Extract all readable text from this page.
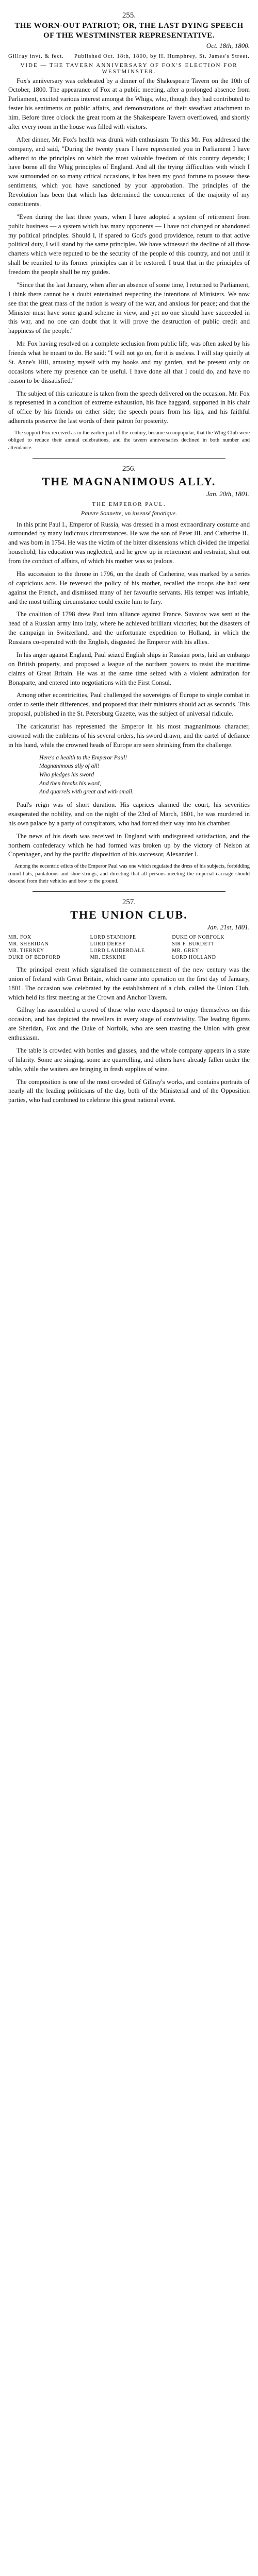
255.
THE WORN-OUT PATRIOT; OR, THE LAST DYING SPEECH OF THE WESTMINSTER REPRESENTATIVE.
Oct. 18th, 1800.
Gillray invt. & fect. Published Oct. 18th, 1800, by H. Humphrey, St. James's Street.
VIDE — THE TAVERN ANNIVERSARY OF FOX'S ELECTION FOR WESTMINSTER.

Fox's anniversary was celebrated by a dinner of the Shakespeare Tavern on the 10th of October, 1800. The appearance of Fox at a public meeting, after a prolonged absence from Parliament, excited various interest amongst the Whigs, who, though they had contributed to fester his sentiments on public affairs, and demonstrations of their steadfast attachment to him. Before three o'clock the great room at the Shakespeare Tavern overflowed, and shortly after every room in the house was filled with visitors.

After dinner, Mr. Fox's health was drunk with enthusiasm. To this Mr. Fox addressed the company, and said, "During the twenty years I have represented you in Parliament I have adhered to the principles on which the most valuable freedom of this country depends; I have borne all the Whig principles of England. And all the trying difficulties with which I was surrounded on so many critical occasions, it has been my good fortune to possess these sentiments, which you have sanctioned by your approbation. The principles of the Revolution has been that which has determined the concurrence of the majority of my constituents.

"Even during the last three years, when I have adopted a system of retirement from public business — a system which has many opponents — I have not changed or abandoned my political principles. Should I, if spared to God's good providence, return to that active political duty, I will stand by the same principles. We have witnessed the decline of all those charters which were reputed to be the security of the people of this country, and not until it shall be reunited to its former principles can it be restored. I trust that in the principles of freedom the people shall be my guides.

"Since that the last January, when after an absence of some time, I returned to Parliament, I think there cannot be a doubt entertained respecting the intentions of Ministers. We now see that the great mass of the nation is weary of the war, and anxious for peace; and that the Minister must have some grand scheme in view, and yet no one should have succeeded in this war, and no one can doubt that it will prove the destruction of public credit and happiness of the people."

Mr. Fox having resolved on a complete seclusion from public life, was often asked by his friends what he meant to do. He said: "I will not go on, for it is useless. I will stay quietly at St. Anne's Hill, amusing myself with my books and my garden, and be present only on occasions where my presence can be useful. I have done all that I could do, and have no reason to be dissatisfied."

The subject of this caricature is taken from the speech delivered on the occasion. Mr. Fox is represented in a condition of extreme exhaustion, his face haggard, supported in his chair of office by his friends on either side; the speech pours from his lips, and his faithful adherents preserve the last words of their patron for posterity.

The support Fox received as in the earlier part of the century, became so unpopular, that the Whig Club were obliged to reduce their annual celebrations, and the tavern anniversaries declined in both number and attendance.
256.
THE MAGNANIMOUS ALLY.
Jan. 20th, 1801.
THE EMPEROR PAUL.
Pauvre Sonnette, un insensé fanatique.

In this print Paul I., Emperor of Russia, was dressed in a most extraordinary costume and surrounded by many ludicrous circumstances. He was the son of Peter III. and Catherine II., and was born in 1754. He was the victim of the bitter dissensions which divided the imperial household; his education was neglected, and he grew up in retirement and restraint, shut out from the conduct of affairs, of which his mother was so jealous.

His succession to the throne in 1796, on the death of Catherine, was marked by a series of capricious acts. He reversed the policy of his mother, recalled the troops she had sent against the French, and dismissed many of her favourite servants. His temper was irritable, and the most trifling circumstance could excite him to fury.

The coalition of 1798 drew Paul into alliance against France. Suvorov was sent at the head of a Russian army into Italy, where he achieved brilliant victories; but the disasters of the campaign in Switzerland, and the unfortunate expedition to Holland, in which the Russians co-operated with the English, disgusted the Emperor with his allies.

In his anger against England, Paul seized English ships in Russian ports, laid an embargo on British property, and proposed a league of the northern powers to resist the maritime claims of Great Britain. He was at the same time seized with a violent admiration for Bonaparte, and entered into negotiations with the First Consul.

Among other eccentricities, Paul challenged the sovereigns of Europe to single combat in order to settle their differences, and proposed that their ministers should act as seconds. This proposal, published in the St. Petersburg Gazette, was the subject of universal ridicule.

The caricaturist has represented the Emperor in his most magnanimous character, crowned with the emblems of his several orders, his sword drawn, and the cartel of defiance in his hand, while the crowned heads of Europe are seen shrinking from the challenge.

Here's a health to the Emperor Paul!
Magnanimous ally of all!
Who pledges his sword
And then breaks his word,
And quarrels with great and with small.

Paul's reign was of short duration. His caprices alarmed the court, his severities exasperated the nobility, and on the night of the 23rd of March, 1801, he was murdered in his own palace by a party of conspirators, who had forced their way into his chamber.

The news of his death was received in England with undisguised satisfaction, and the northern confederacy which he had formed was broken up by the victory of Nelson at Copenhagen, and by the pacific disposition of his successor, Alexander I.

Among the eccentric edicts of the Emperor Paul was one which regulated the dress of his subjects, forbidding round hats, pantaloons and shoe-strings, and directing that all persons meeting the imperial carriage should descend from their vehicles and bow to the ground.
257.
THE UNION CLUB.
Jan. 21st, 1801.
MR. FOX	LORD STANHOPE	DUKE OF NORFOLK
MR. SHERIDAN	LORD DERBY	SIR F. BURDETT
MR. TIERNEY	LORD LAUDERDALE	MR. GREY
DUKE OF BEDFORD	MR. ERSKINE	LORD HOLLAND

The principal event which signalised the commencement of the new century was the union of Ireland with Great Britain, which came into operation on the first day of January, 1801. The occasion was celebrated by the establishment of a club, called the Union Club, which held its first meeting at the Crown and Anchor Tavern.

Gillray has assembled a crowd of those who were disposed to enjoy themselves on this occasion, and has depicted the revellers in every stage of conviviality. The leading figures are Sheridan, Fox and the Duke of Norfolk, who are seen toasting the Union with great enthusiasm.

The table is crowded with bottles and glasses, and the whole company appears in a state of hilarity. Some are singing, some are quarrelling, and others have already fallen under the table, while the waiters are bringing in fresh supplies of wine.

The composition is one of the most crowded of Gillray's works, and contains portraits of nearly all the leading politicians of the day, both of the Ministerial and of the Opposition parties, who had combined to celebrate this great national event.
